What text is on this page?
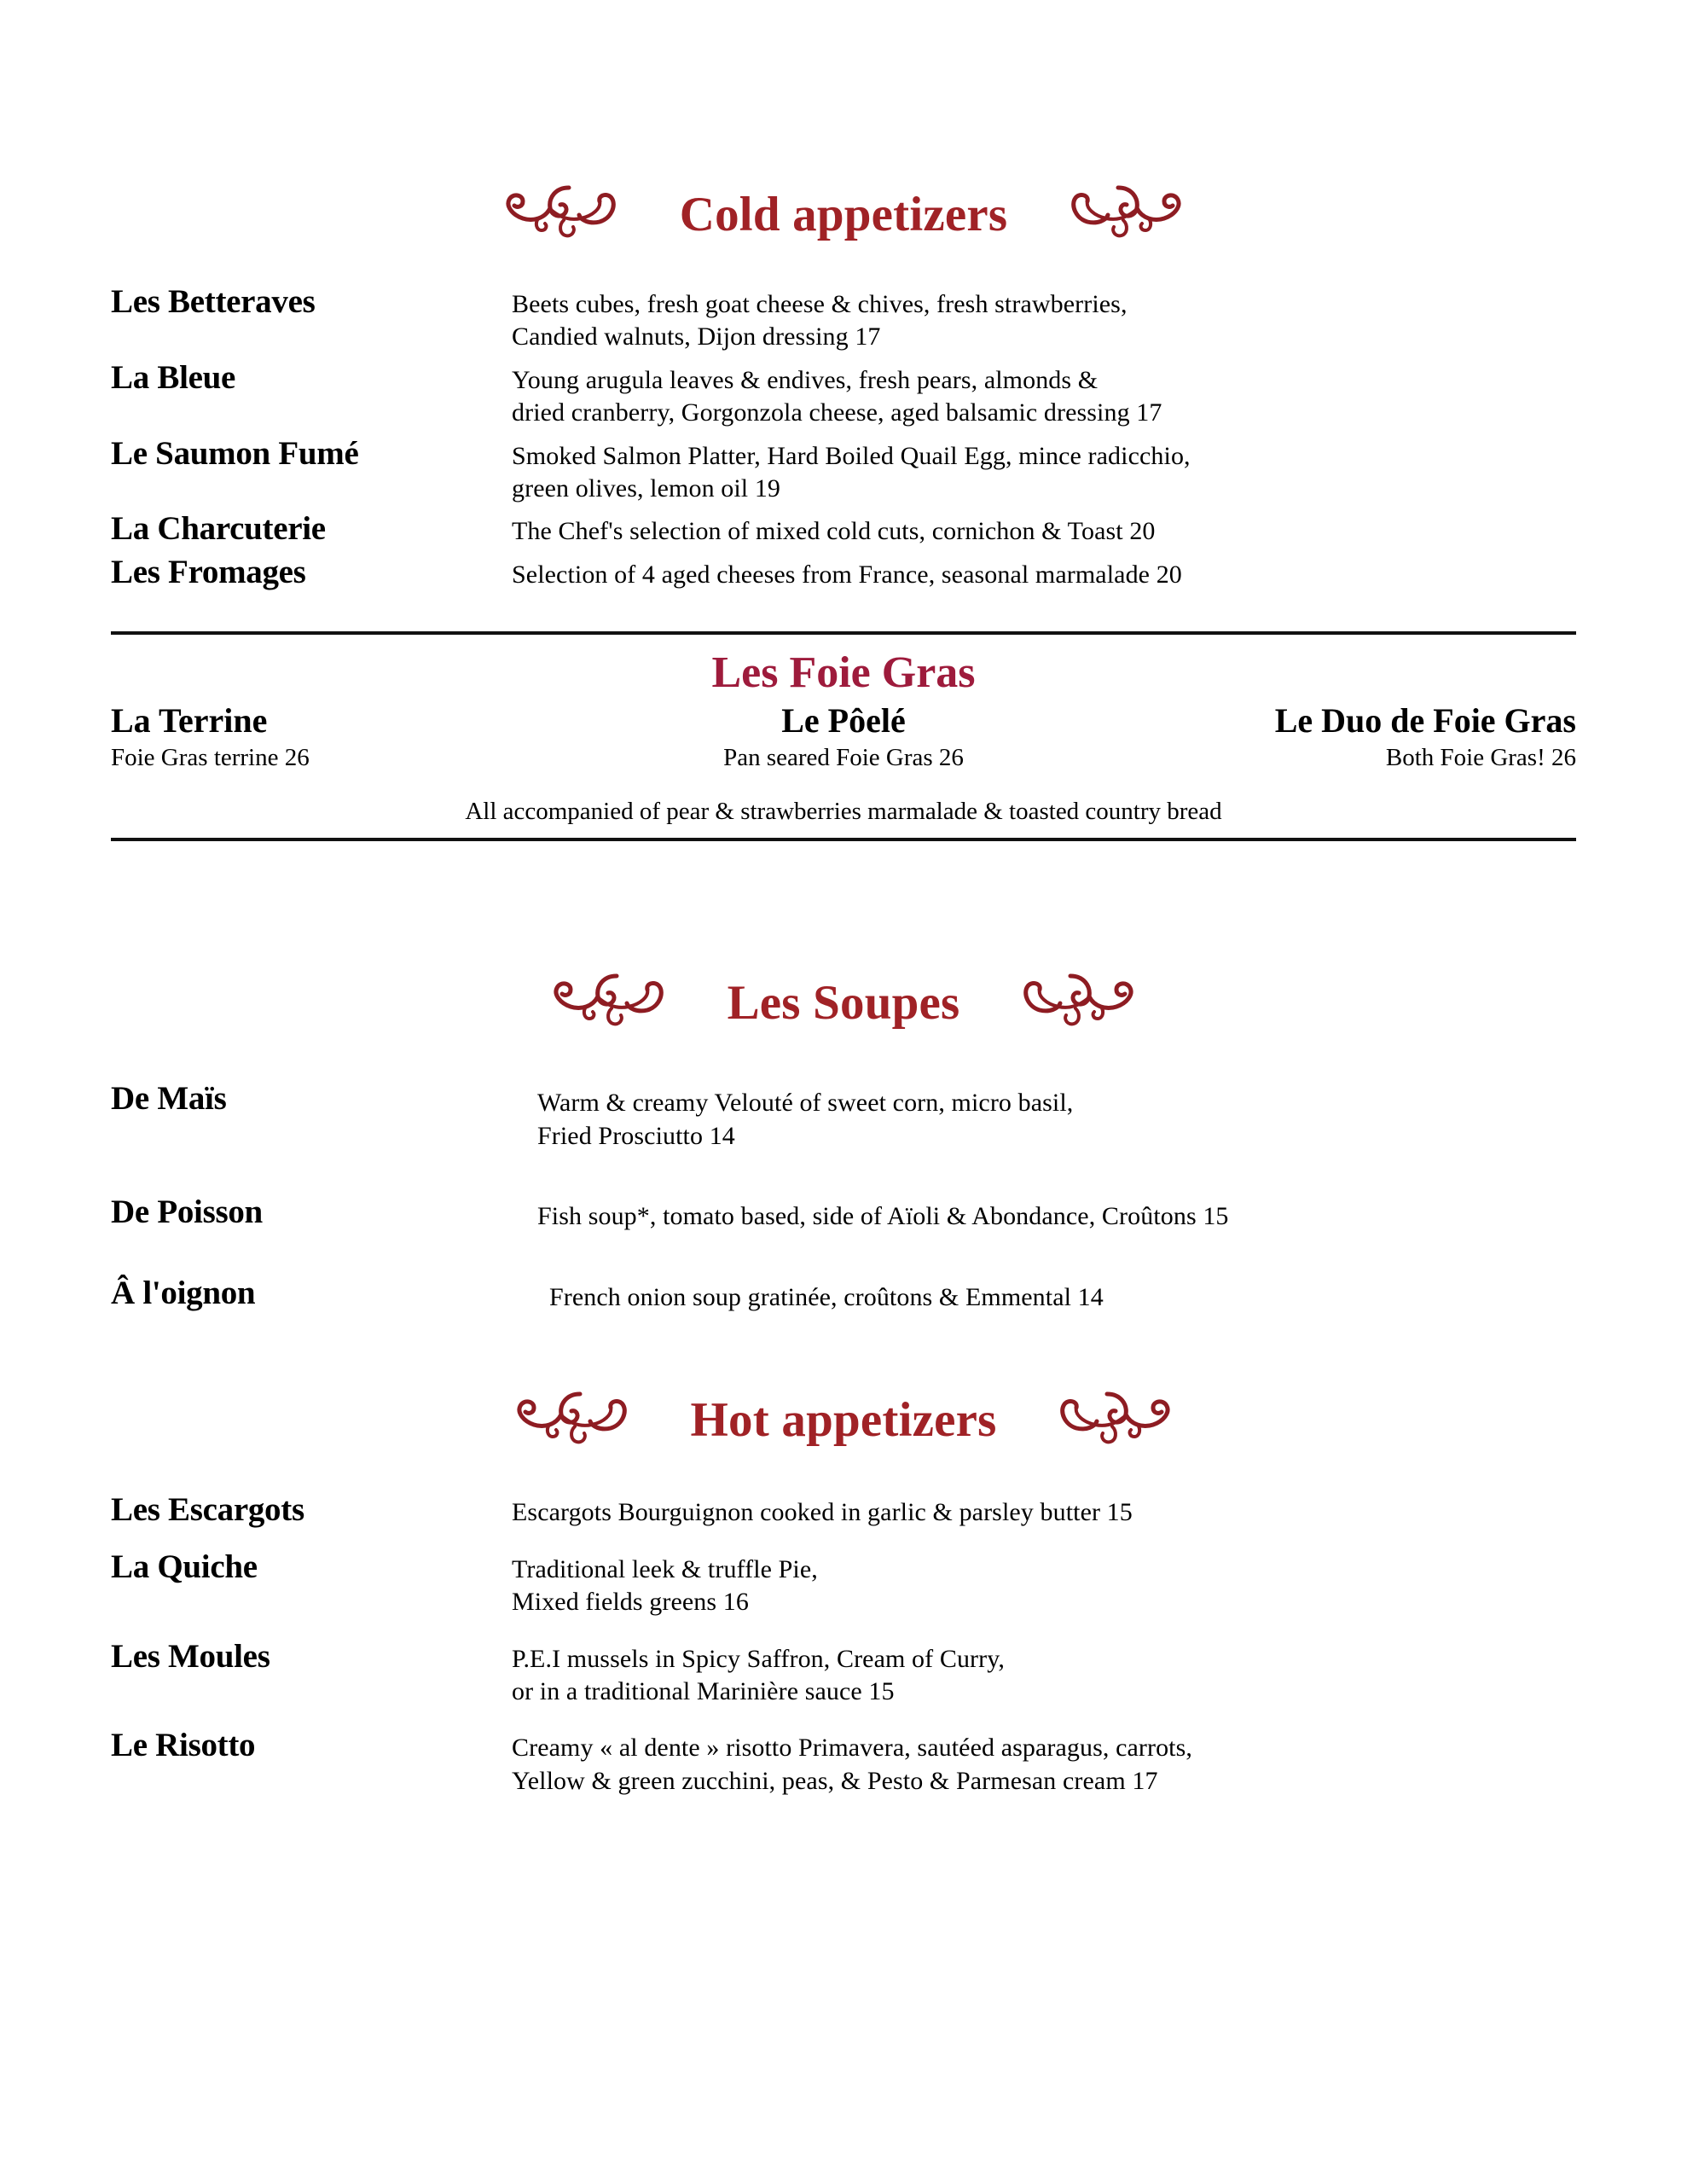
Cold appetizers
Les Betteraves	Beets cubes, fresh goat cheese & chives, fresh strawberries,
Candied walnuts, Dijon dressing 17
La Bleue	Young arugula leaves & endives, fresh pears, almonds &
dried cranberry, Gorgonzola cheese, aged balsamic dressing 17
Le Saumon Fumé	Smoked Salmon Platter, Hard Boiled Quail Egg, mince radicchio,
green olives, lemon oil 19
La Charcuterie	The Chef's selection of mixed cold cuts, cornichon & Toast 20
Les Fromages	Selection of 4 aged cheeses from France, seasonal marmalade 20
Les Foie Gras
La Terrine
Foie Gras terrine 26
Le Pôelé
Pan seared Foie Gras 26
Le Duo de Foie Gras
Both Foie Gras! 26
All accompanied of pear & strawberries marmalade & toasted country bread
Les Soupes
De Maïs	Warm & creamy Velouté of sweet corn, micro basil,
Fried Prosciutto 14
De Poisson	Fish soup*, tomato based, side of Aïoli & Abondance, Croûtons 15
Â l'oignon	French onion soup gratinée, croûtons & Emmental 14
Hot appetizers
Les Escargots	Escargots Bourguignon cooked in garlic & parsley butter 15
La Quiche	Traditional leek & truffle Pie,
Mixed fields greens 16
Les Moules	P.E.I mussels in Spicy Saffron, Cream of Curry,
or in a traditional Marinière sauce 15
Le Risotto	Creamy « al dente » risotto Primavera, sautéed asparagus, carrots,
Yellow & green zucchini, peas, & Pesto & Parmesan cream 17
